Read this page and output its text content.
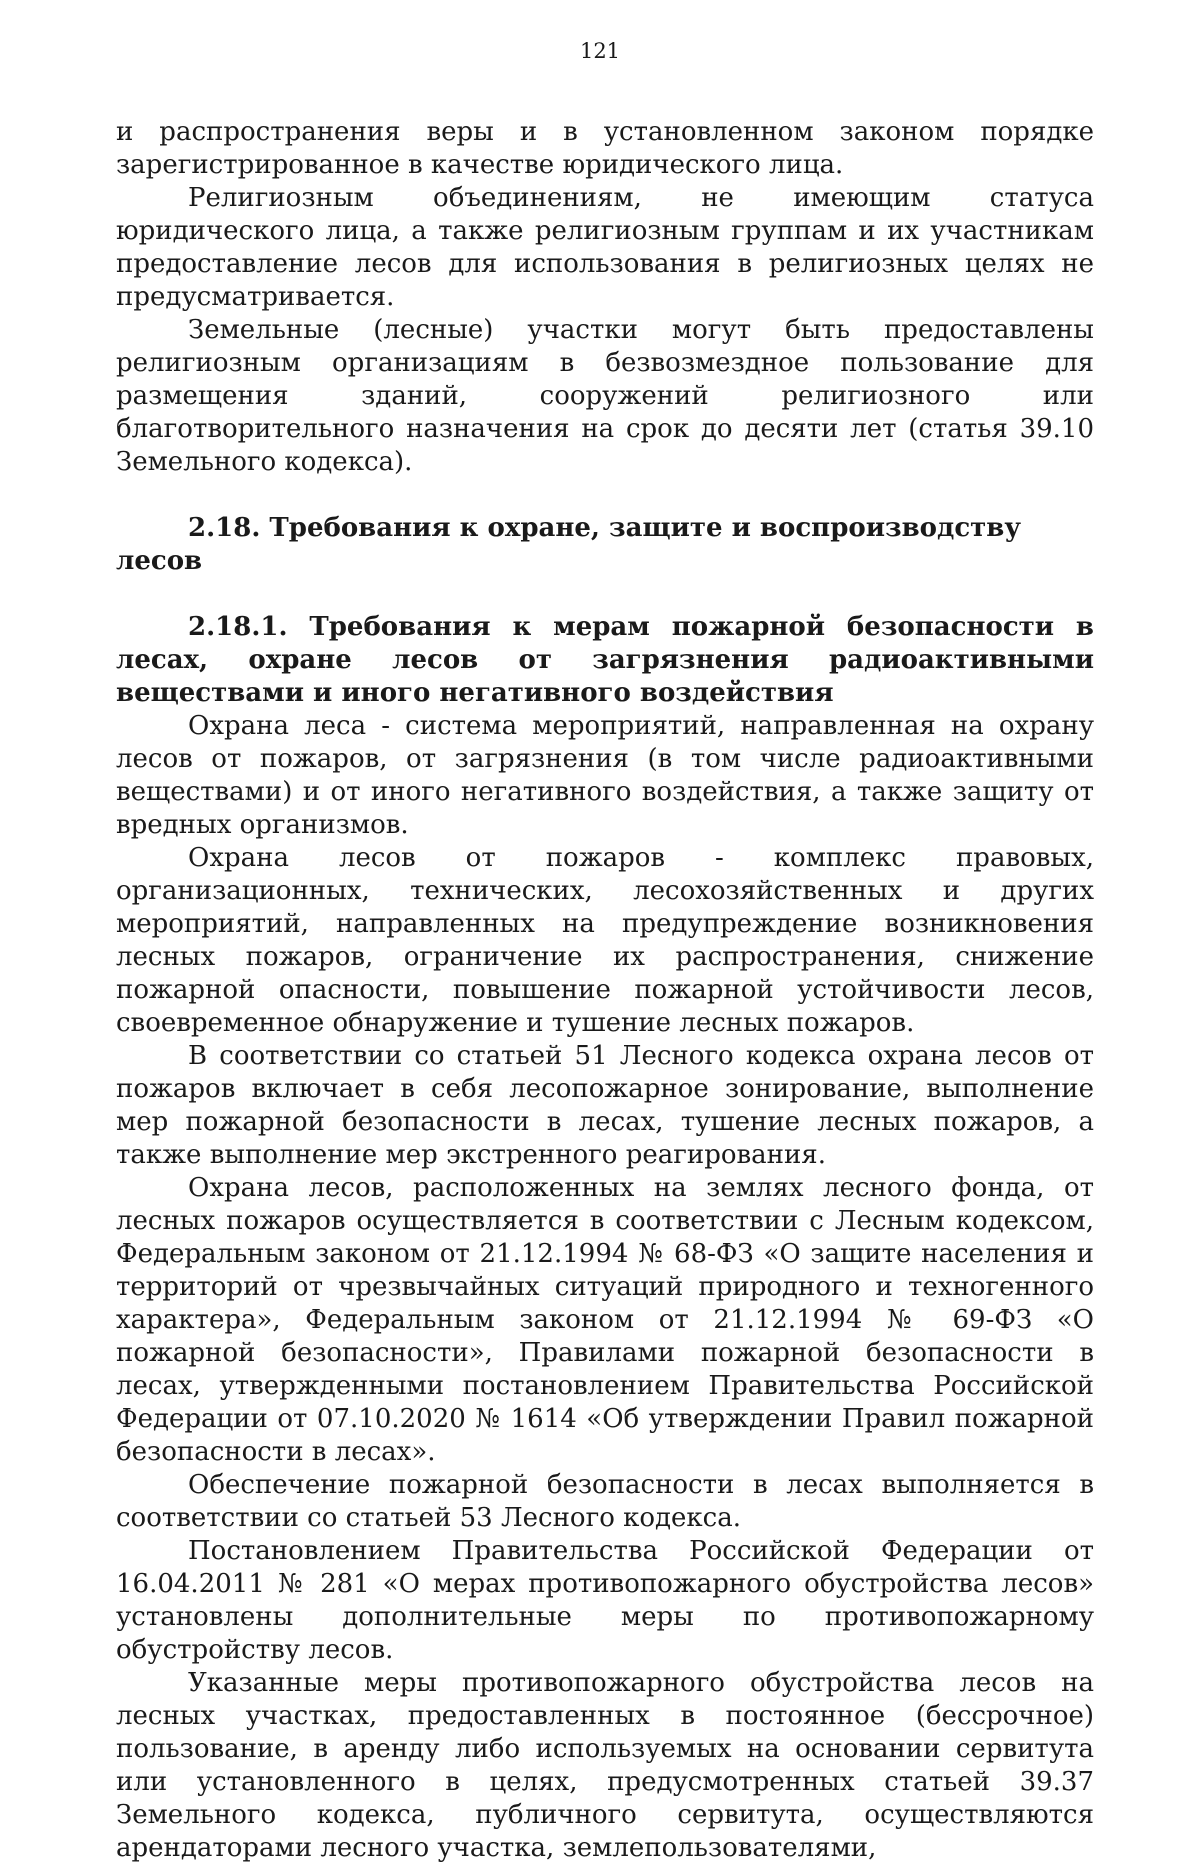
121

и распространения веры и в установленном законом порядке зарегистрированное в качестве юридического лица.

Религиозным объединениям, не имеющим статуса юридического лица, а также религиозным группам и их участникам предоставление лесов для использования в религиозных целях не предусматривается.

Земельные (лесные) участки могут быть предоставлены религиозным организациям в безвозмездное пользование для размещения зданий, сооружений религиозного или благотворительного назначения на срок до десяти лет (статья 39.10 Земельного кодекса).

2.18. Требования к охране, защите и воспроизводству лесов
2.18.1. Требования к мерам пожарной безопасности в лесах, охране лесов от загрязнения радиоактивными веществами и иного негативного воздействия

Охрана леса - система мероприятий, направленная на охрану лесов от пожаров, от загрязнения (в том числе радиоактивными веществами) и от иного негативного воздействия, а также защиту от вредных организмов.

Охрана лесов от пожаров - комплекс правовых, организационных, технических, лесохозяйственных и других мероприятий, направленных на предупреждение возникновения лесных пожаров, ограничение их распространения, снижение пожарной опасности, повышение пожарной устойчивости лесов, своевременное обнаружение и тушение лесных пожаров.

В соответствии со статьей 51 Лесного кодекса охрана лесов от пожаров включает в себя лесопожарное зонирование, выполнение мер пожарной безопасности в лесах, тушение лесных пожаров, а также выполнение мер экстренного реагирования.

Охрана лесов, расположенных на землях лесного фонда, от лесных пожаров осуществляется в соответствии с Лесным кодексом, Федеральным законом от 21.12.1994 № 68-ФЗ «О защите населения и территорий от чрезвычайных ситуаций природного и техногенного характера», Федеральным законом от 21.12.1994 № 69-ФЗ «О пожарной безопасности», Правилами пожарной безопасности в лесах, утвержденными постановлением Правительства Российской Федерации от 07.10.2020 № 1614 «Об утверждении Правил пожарной безопасности в лесах».

Обеспечение пожарной безопасности в лесах выполняется в соответствии со статьей 53 Лесного кодекса.

Постановлением Правительства Российской Федерации от 16.04.2011 № 281 «О мерах противопожарного обустройства лесов» установлены дополнительные меры по противопожарному обустройству лесов.

Указанные меры противопожарного обустройства лесов на лесных участках, предоставленных в постоянное (бессрочное) пользование, в аренду либо используемых на основании сервитута или установленного в целях, предусмотренных статьей 39.37 Земельного кодекса, публичного сервитута, осуществляются арендаторами лесного участка, землепользователями,
